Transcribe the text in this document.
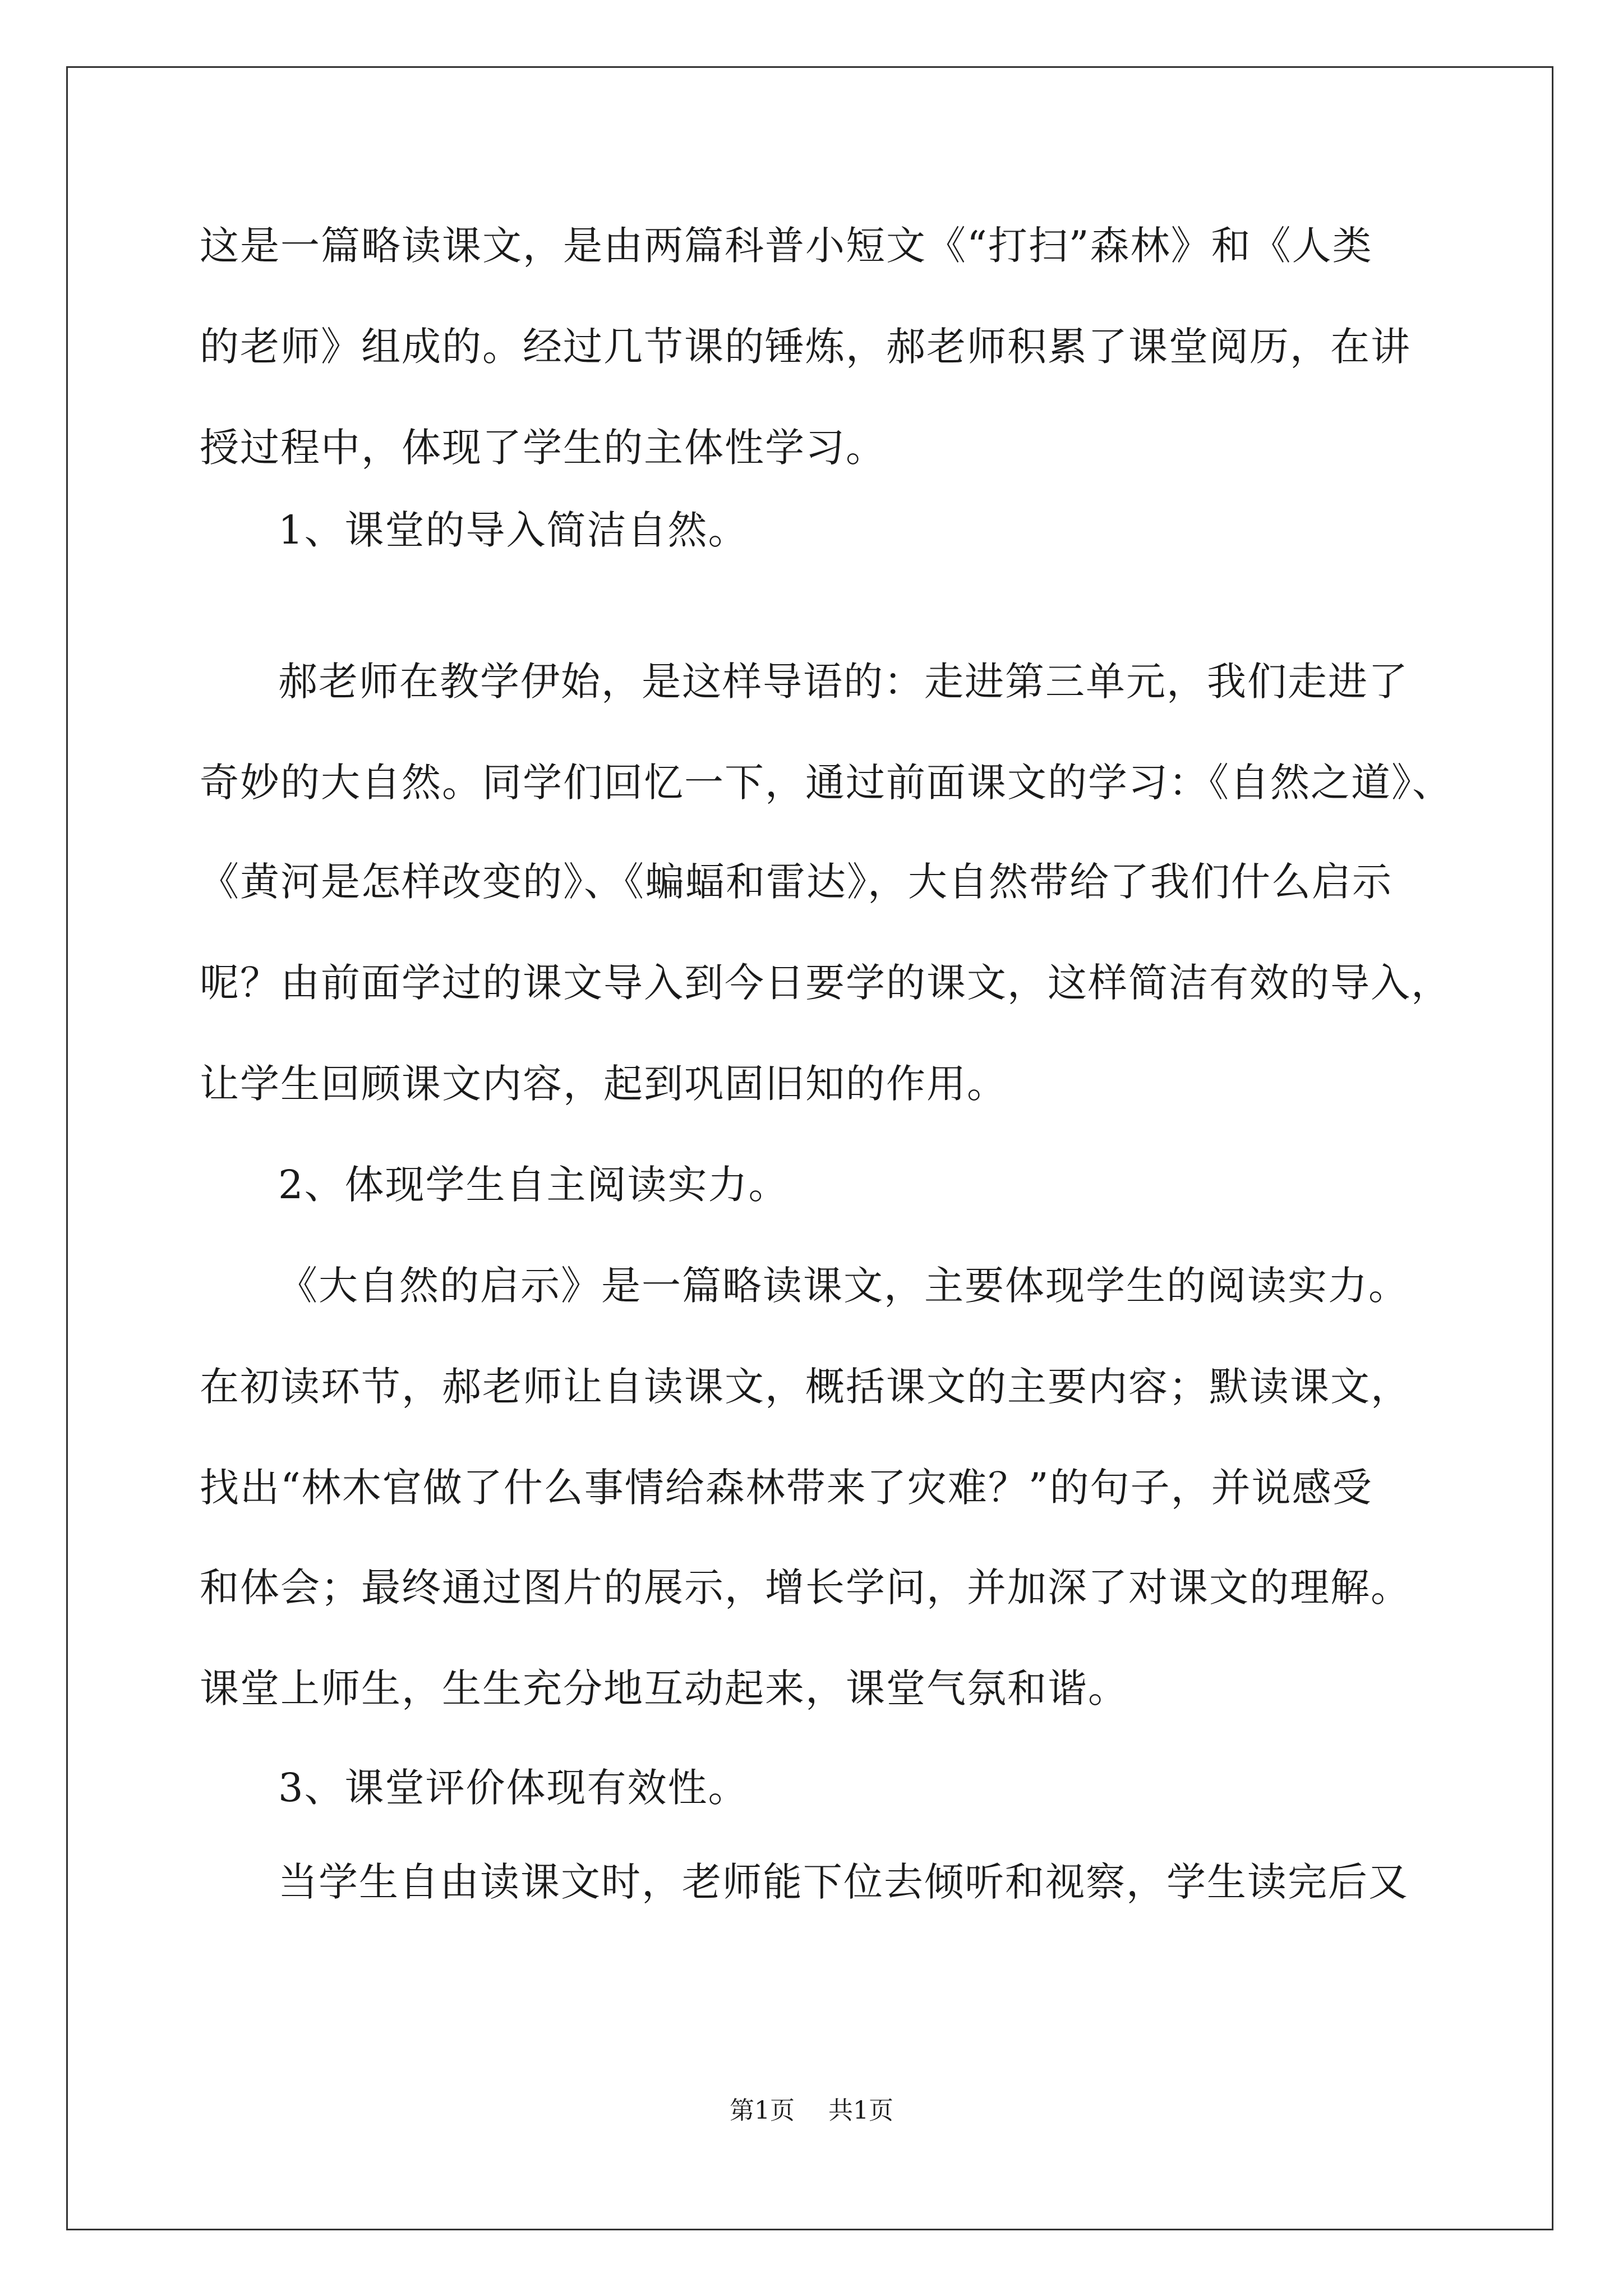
这是一篇略读课文，是由两篇科普小短文《“打扫”森林》和《人类
的老师》组成的。经过几节课的锤炼，郝老师积累了课堂阅历，在讲
授过程中，体现了学生的主体性学习。
1、课堂的导入简洁自然。
郝老师在教学伊始，是这样导语的：走进第三单元，我们走进了
奇妙的大自然。同学们回忆一下，通过前面课文的学习：《自然之道》、
《黄河是怎样改变的》、《蝙蝠和雷达》，大自然带给了我们什么启示
呢？由前面学过的课文导入到今日要学的课文，这样简洁有效的导入，
让学生回顾课文内容，起到巩固旧知的作用。
2、体现学生自主阅读实力。
《大自然的启示》是一篇略读课文，主要体现学生的阅读实力。
在初读环节，郝老师让自读课文，概括课文的主要内容；默读课文，
找出“林木官做了什么事情给森林带来了灾难？”的句子，并说感受
和体会；最终通过图片的展示，增长学问，并加深了对课文的理解。
课堂上师生，生生充分地互动起来，课堂气氛和谐。
3、课堂评价体现有效性。
当学生自由读课文时，老师能下位去倾听和视察，学生读完后又
第1页 共1页
